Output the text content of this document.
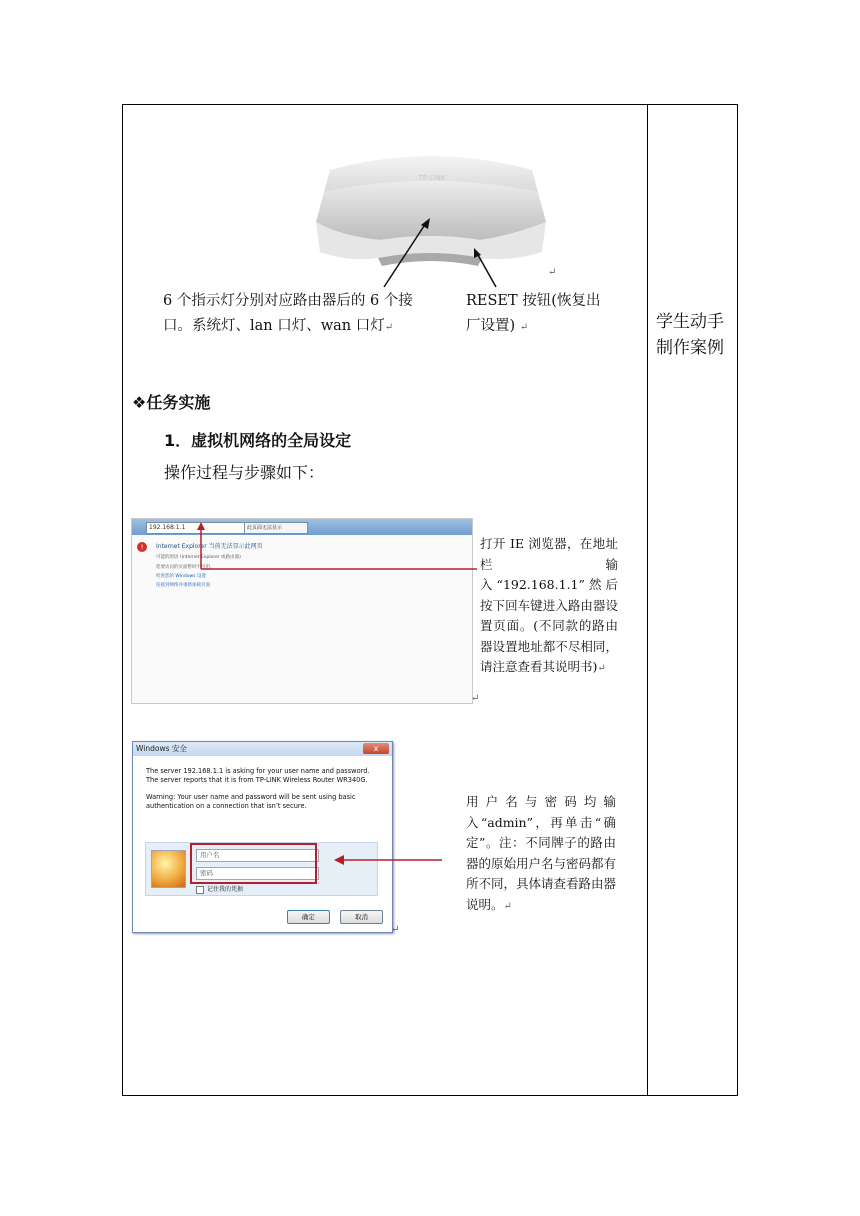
TP-LINK
↵
6 个指示灯分别对应路由器后的 6 个接
口。系统灯、lan 口灯、wan 口灯↵
RESET 按钮(恢复出
厂设置) ↵	学生动手
制作案例
❖任务实施
1．虚拟机网络的全局设定
操作过程与步骤如下：
192.168.1.1	此页面无法显示
! Internet Explorer 当前无法显示此网页
可能的原因 (Internet Explorer 或路由器)
您要访问的页面暂时不可用。
检查您的 Windows 设置
连接到网络并重新加载页面
↵
打开 IE 浏览器，在地址栏输入“192.168.1.1”然后按下回车键进入路由器设置页面。(不同款的路由器设置地址都不尽相同，请注意查看其说明书)↵
Windows 安全	x
The server 192.168.1.1 is asking for your user name and password. The server reports that it is from TP-LINK Wireless Router WR340G.
Warning: Your user name and password will be sent using basic authentication on a connection that isn’t secure.
用户名
密码
记住我的凭据
确定	取消
↵
用户名与密码均输入“admin”，再单击“确定”。注：不同牌子的路由器的原始用户名与密码都有所不同，具体请查看路由器说明。↵
